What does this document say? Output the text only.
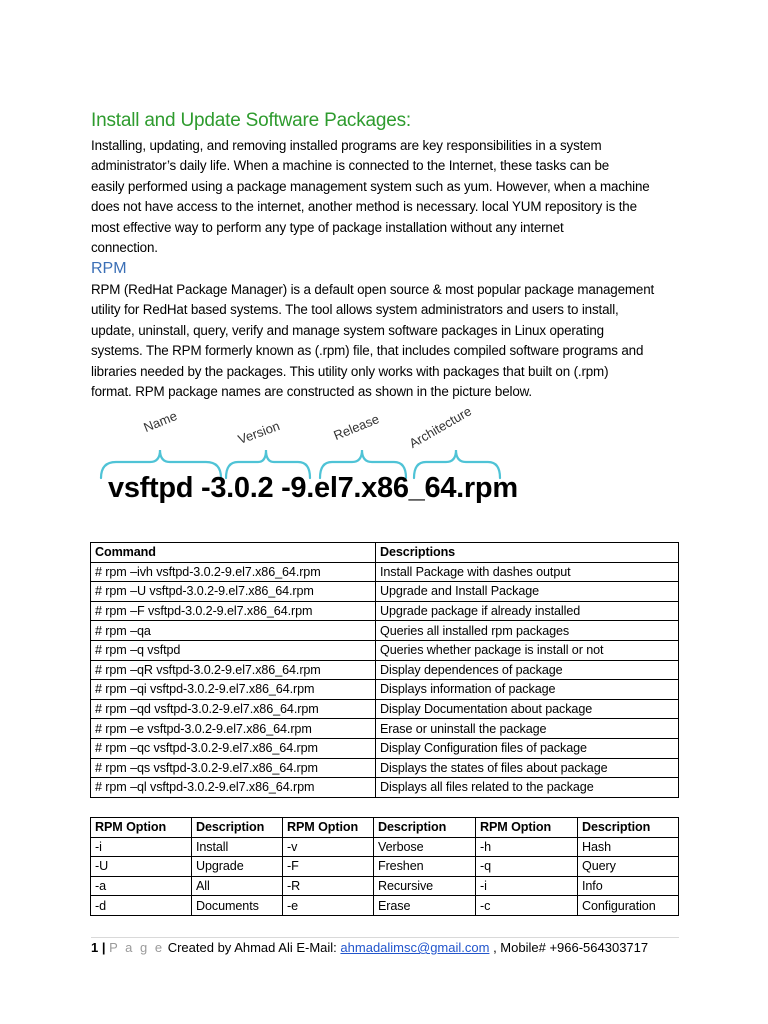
Install and Update Software Packages:
Installing, updating, and removing installed programs are key responsibilities in a system
administrator’s daily life. When a machine is connected to the Internet, these tasks can be
easily performed using a package management system such as yum. However, when a machine
does not have access to the internet, another method is necessary. local YUM repository is the
most effective way to perform any type of package installation without any internet
connection.
RPM
RPM (RedHat Package Manager) is a default open source & most popular package management
utility for RedHat based systems. The tool allows system administrators and users to install,
update, uninstall, query, verify and manage system software packages in Linux operating
systems. The RPM formerly known as (.rpm) file, that includes compiled software programs and
libraries needed by the packages. This utility only works with packages that built on (.rpm)
format. RPM package names are constructed as shown in the picture below.
Name	Version	Release Architecture
vsftpd -3.0.2 -9.el7.x86_64.rpm
Command	Descriptions
# rpm –ivh vsftpd-3.0.2-9.el7.x86_64.rpm	Install Package with dashes output
# rpm –U vsftpd-3.0.2-9.el7.x86_64.rpm	Upgrade and Install Package
# rpm –F vsftpd-3.0.2-9.el7.x86_64.rpm	Upgrade package if already installed
# rpm –qa	Queries all installed rpm packages
# rpm –q vsftpd	Queries whether package is install or not
# rpm –qR vsftpd-3.0.2-9.el7.x86_64.rpm	Display dependences of package
# rpm –qi vsftpd-3.0.2-9.el7.x86_64.rpm	Displays information of package
# rpm –qd vsftpd-3.0.2-9.el7.x86_64.rpm	Display Documentation about package
# rpm –e vsftpd-3.0.2-9.el7.x86_64.rpm	Erase or uninstall the package
# rpm –qc vsftpd-3.0.2-9.el7.x86_64.rpm	Display Configuration files of package
# rpm –qs vsftpd-3.0.2-9.el7.x86_64.rpm	Displays the states of files about package
# rpm –ql vsftpd-3.0.2-9.el7.x86_64.rpm	Displays all files related to the package
RPM Option	Description	RPM Option	Description	RPM Option	Description
-i	Install	-v	Verbose	-h	Hash
-U	Upgrade	-F	Freshen	-q	Query
-a	All	-R	Recursive	-i	Info
-d	Documents	-e	Erase	-c	Configuration
1 | P a g e Created by Ahmad Ali E-Mail: ahmadalimsc@gmail.com , Mobile# +966-564303717
